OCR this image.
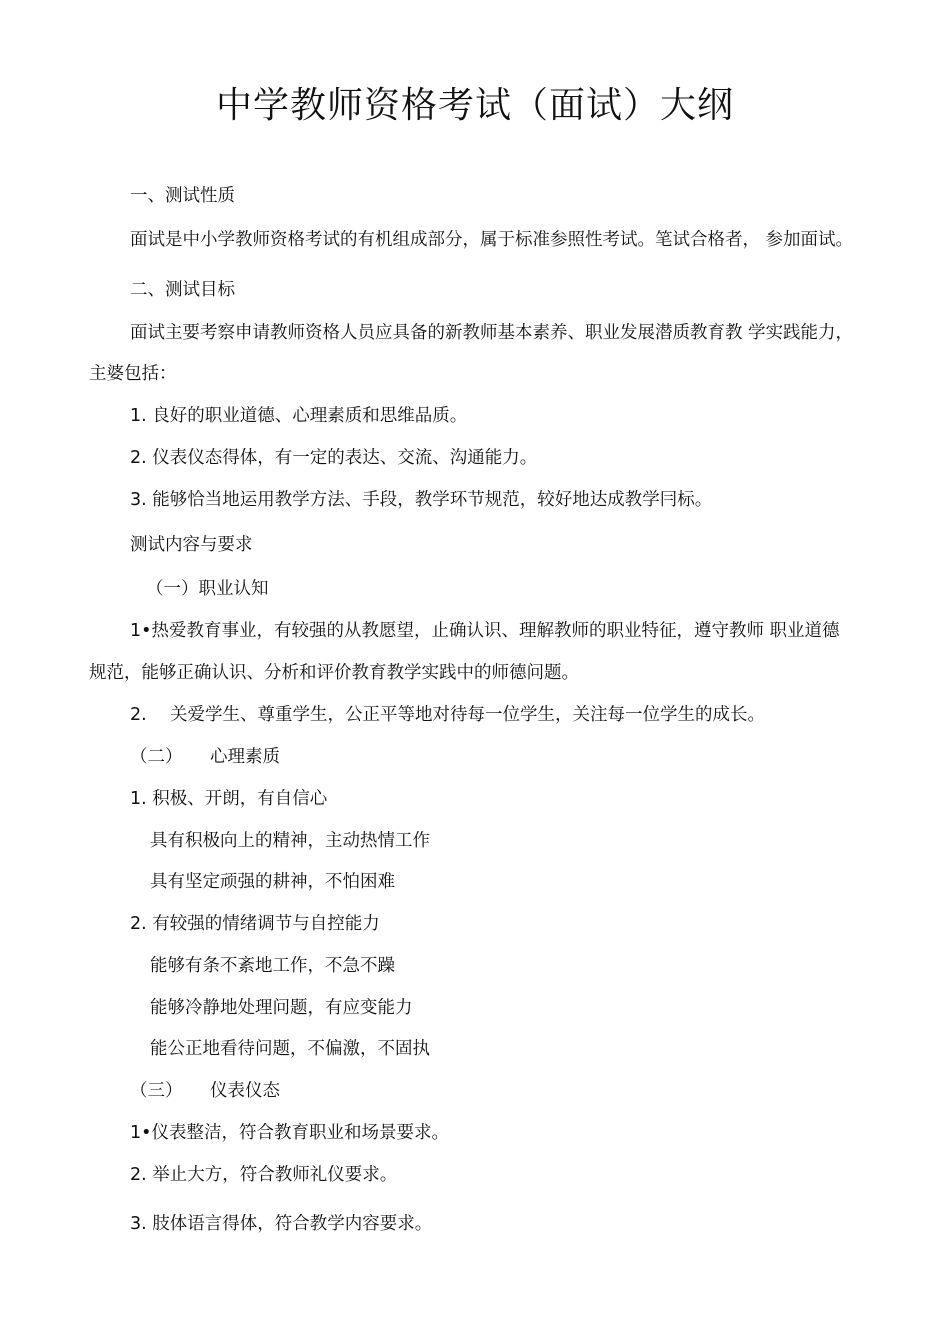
中学教师资格考试（面试）大纲
一、测试性质
面试是中小学教师资格考试的有机组成部分，属于标准参照性考试。笔试合格者， 参加面试。
二、测试目标
面试主要考察申请教师资格人员应具备的新教师基本素养、职业发展潜质教育教 学实践能力，
主婆包括：
1. 良好的职业道德、心理素质和思维品质。
2. 仪表仪态得体，有一定的表达、交流、沟通能力。
3. 能够恰当地运用教学方法、手段，教学环节规范，较好地达成教学冃标。
测试内容与要求
（一）职业认知
1•热爱教育事业，有较强的从教愿望，止确认识、理解教师的职业特征，遵守教师 职业道德
规范，能够正确认识、分析和评价教育教学实践中的师德问题。
2. 关爱学生、尊重学生，公正平等地对待每一位学生，关注每一位学生的成长。
（二） 心理素质
1. 积极、开朗，有自信心
具有积极向上的精神，主动热情工作
具有坚定顽强的耕神，不怕困难
2. 有较强的情绪调节与自控能力
能够有条不紊地工作，不急不躁
能够冷静地处理问题，有应变能力
能公正地看待问题，不偏激，不固执
（三） 仪表仪态
1•仪表整洁，符合教育职业和场景要求。
2. 举止大方，符合教师礼仪要求。
3. 肢体语言得体，符合教学内容要求。
